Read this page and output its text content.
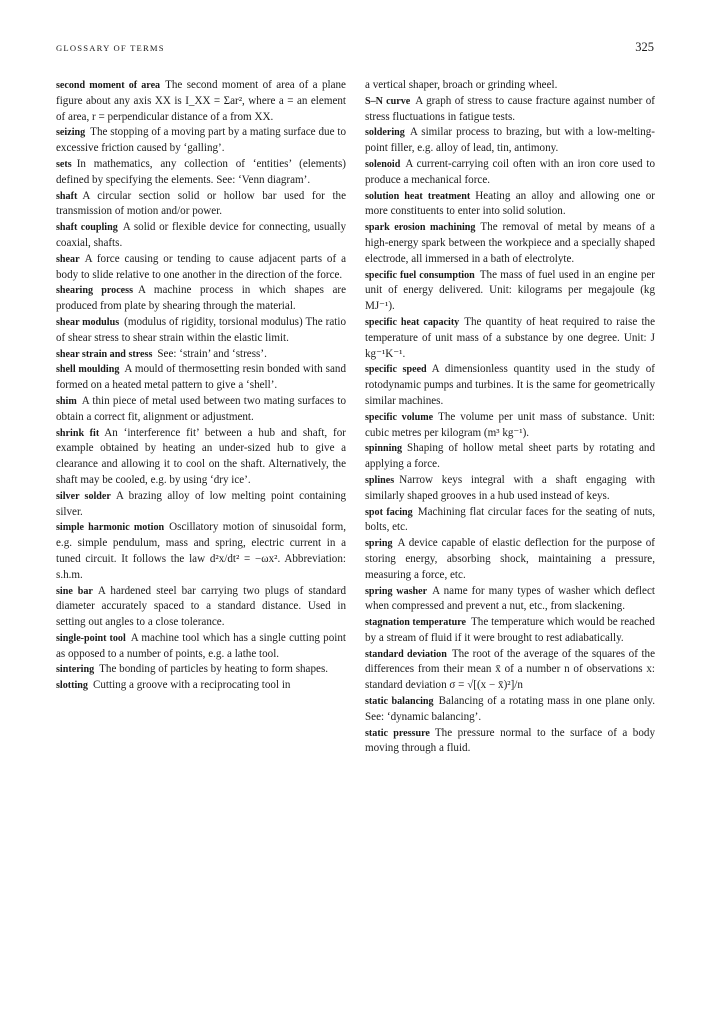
GLOSSARY OF TERMS	325

second moment of area The second moment of area of a plane figure about any axis XX is I_XX = Σar², where a = an element of area, r = perpendicular distance of a from XX.

seizing The stopping of a moving part by a mating surface due to excessive friction caused by ‘galling’.

sets In mathematics, any collection of ‘entities’ (elements) defined by specifying the elements. See: ‘Venn diagram’.

shaft A circular section solid or hollow bar used for the transmission of motion and/or power.

shaft coupling A solid or flexible device for connecting, usually coaxial, shafts.

shear A force causing or tending to cause adjacent parts of a body to slide relative to one another in the direction of the force.

shearing process A machine process in which shapes are produced from plate by shearing through the material.

shear modulus (modulus of rigidity, torsional modulus) The ratio of shear stress to shear strain within the elastic limit.

shear strain and stress See: ‘strain’ and ‘stress’.

shell moulding A mould of thermosetting resin bonded with sand formed on a heated metal pattern to give a ‘shell’.

shim A thin piece of metal used between two mating surfaces to obtain a correct fit, alignment or adjustment.

shrink fit An ‘interference fit’ between a hub and shaft, for example obtained by heating an under-sized hub to give a clearance and allowing it to cool on the shaft. Alternatively, the shaft may be cooled, e.g. by using ‘dry ice’.

silver solder A brazing alloy of low melting point containing silver.

simple harmonic motion Oscillatory motion of sinusoidal form, e.g. simple pendulum, mass and spring, electric current in a tuned circuit. It follows the law d²x/dt² = −ωx². Abbreviation: s.h.m.

sine bar A hardened steel bar carrying two plugs of standard diameter accurately spaced to a standard distance. Used in setting out angles to a close tolerance.

single-point tool A machine tool which has a single cutting point as opposed to a number of points, e.g. a lathe tool.

sintering The bonding of particles by heating to form shapes.

slotting Cutting a groove with a reciprocating tool in

a vertical shaper, broach or grinding wheel.

S–N curve A graph of stress to cause fracture against number of stress fluctuations in fatigue tests.

soldering A similar process to brazing, but with a low-melting-point filler, e.g. alloy of lead, tin, antimony.

solenoid A current-carrying coil often with an iron core used to produce a mechanical force.

solution heat treatment Heating an alloy and allowing one or more constituents to enter into solid solution.

spark erosion machining The removal of metal by means of a high-energy spark between the workpiece and a specially shaped electrode, all immersed in a bath of electrolyte.

specific fuel consumption The mass of fuel used in an engine per unit of energy delivered. Unit: kilograms per megajoule (kg MJ⁻¹).

specific heat capacity The quantity of heat required to raise the temperature of unit mass of a substance by one degree. Unit: J kg⁻¹K⁻¹.

specific speed A dimensionless quantity used in the study of rotodynamic pumps and turbines. It is the same for geometrically similar machines.

specific volume The volume per unit mass of substance. Unit: cubic metres per kilogram (m³ kg⁻¹).

spinning Shaping of hollow metal sheet parts by rotating and applying a force.

splines Narrow keys integral with a shaft engaging with similarly shaped grooves in a hub used instead of keys.

spot facing Machining flat circular faces for the seating of nuts, bolts, etc.

spring A device capable of elastic deflection for the purpose of storing energy, absorbing shock, maintaining a pressure, measuring a force, etc.

spring washer A name for many types of washer which deflect when compressed and prevent a nut, etc., from slackening.

stagnation temperature The temperature which would be reached by a stream of fluid if it were brought to rest adiabatically.

standard deviation The root of the average of the squares of the differences from their mean x̄ of a number n of observations x: standard deviation σ = √[(x − x̄)²]/n

static balancing Balancing of a rotating mass in one plane only. See: ‘dynamic balancing’.

static pressure The pressure normal to the surface of a body moving through a fluid.
